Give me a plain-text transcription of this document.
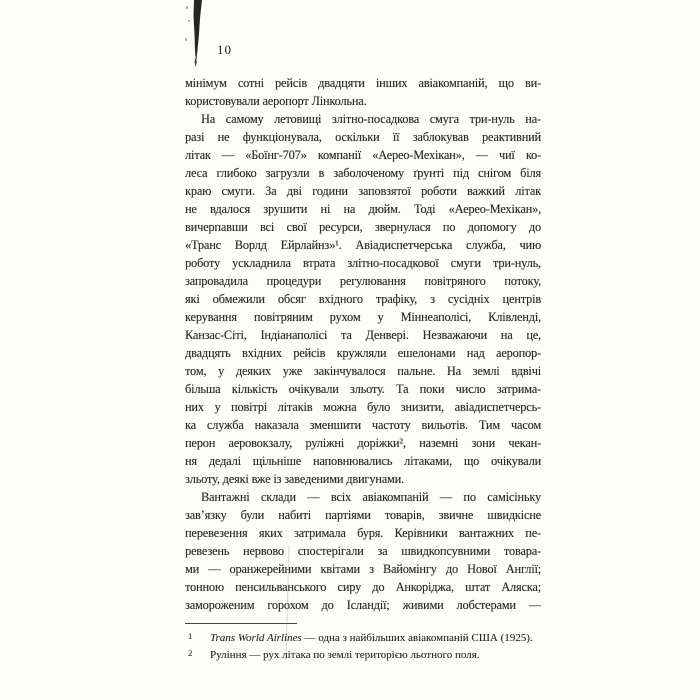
10
мінімум сотні рейсів двадцяти інших авіакомпаній, що ви-
користовували аеропорт Лінкольна.
На самому летовищі злітно-посадкова смуга три-нуль на-
разі не функціонувала, оскільки її заблокував реактивний
літак — «Боїнг-707» компанії «Аерео-Мехікан», — чиї ко-
леса глибоко загрузли в заболоченому ґрунті під снігом біля
краю смуги. За дві години заповзятої роботи важкий літак
не вдалося зрушити ні на дюйм. Тоді «Аерео-Мехікан»,
вичерпавши всі свої ресурси, звернулася по допомогу до
«Транс Ворлд Ейрлайнз»¹. Авіадиспетчерська служба, чию
роботу ускладнила втрата злітно-посадкової смуги три-нуль,
запровадила процедури регулювання повітряного потоку,
які обмежили обсяг вхідного трафіку, з сусідніх центрів
керування повітряним рухом у Міннеаполісі, Клівленді,
Канзас-Сіті, Індіанаполісі та Денвері. Незважаючи на це,
двадцять вхідних рейсів кружляли ешелонами над аеропор-
том, у деяких уже закінчувалося пальне. На землі вдвічі
більша кількість очікували зльоту. Та поки число затрима-
них у повітрі літаків можна було знизити, авіадиспетчерсь-
ка служба наказала зменшити частоту вильотів. Тим часом
перон аеровокзалу, руліжні доріжки², наземні зони чекан-
ня дедалі щільніше наповнювались літаками, що очікували
зльоту, деякі вже із заведеними двигунами.
Вантажні склади — всіх авіакомпаній — по самісіньку
зав’язку були набиті партіями товарів, звичне швидкісне
перевезення яких затримала буря. Керівники вантажних пе-
ревезень нервово спостерігали за швидкопсувними товара-
ми — оранжерейними квітами з Вайомінгу до Нової Англії;
тонною пенсильванського сиру до Анкоріджа, штат Аляска;
замороженим горохом до Ісландії; живими лобстерами —
1	Trans World Airlines — одна з найбільших авіакомпаній США (1925).
2	Руління — рух літака по землі територією льотного поля.
